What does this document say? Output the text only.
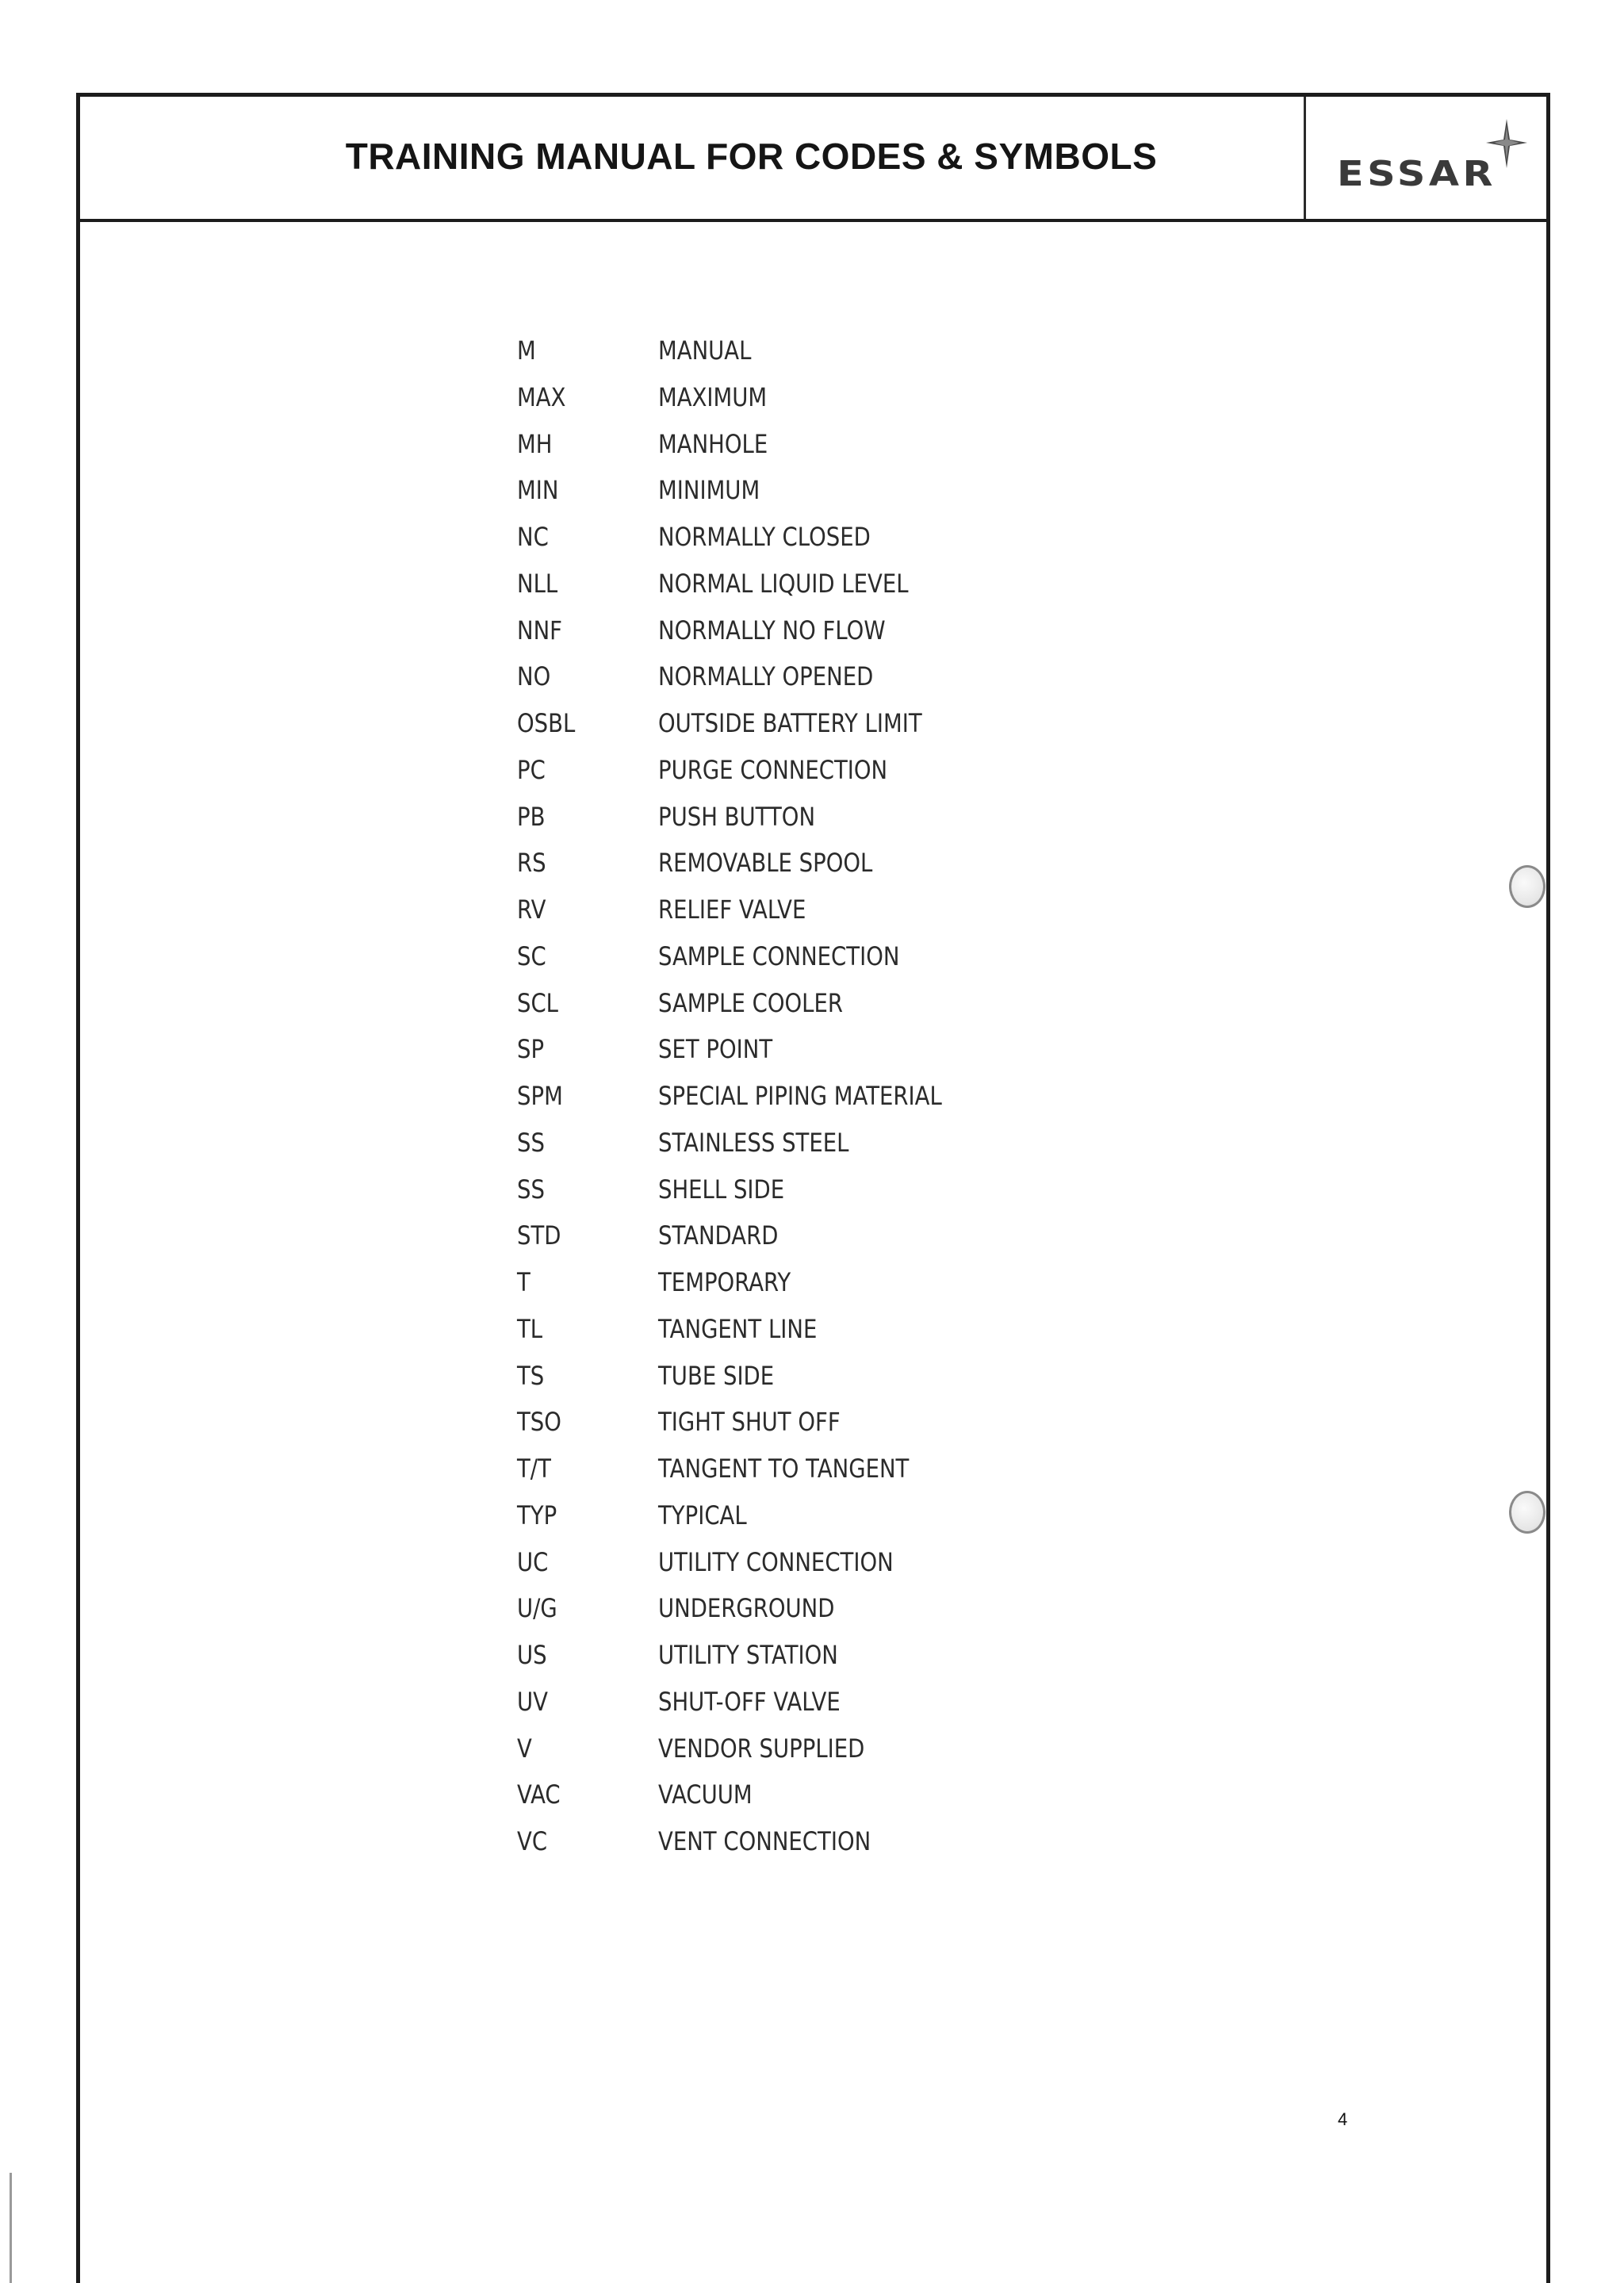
TRAINING MANUAL FOR CODES & SYMBOLS	ESSAR
M	MANUAL
MAX	MAXIMUM
MH	MANHOLE
MIN	MINIMUM
NC	NORMALLY CLOSED
NLL	NORMAL LIQUID LEVEL
NNF	NORMALLY NO FLOW
NO	NORMALLY OPENED
OSBL	OUTSIDE BATTERY LIMIT
PC	PURGE CONNECTION
PB	PUSH BUTTON
RS	REMOVABLE SPOOL
RV	RELIEF VALVE
SC	SAMPLE CONNECTION
SCL	SAMPLE COOLER
SP	SET POINT
SPM	SPECIAL PIPING MATERIAL
SS	STAINLESS STEEL
SS	SHELL SIDE
STD	STANDARD
T	TEMPORARY
TL	TANGENT LINE
TS	TUBE SIDE
TSO	TIGHT SHUT OFF
T/T	TANGENT TO TANGENT
TYP	TYPICAL
UC	UTILITY CONNECTION
U/G	UNDERGROUND
US	UTILITY STATION
UV	SHUT-OFF VALVE
V	VENDOR SUPPLIED
VAC	VACUUM
VC	VENT CONNECTION
4
